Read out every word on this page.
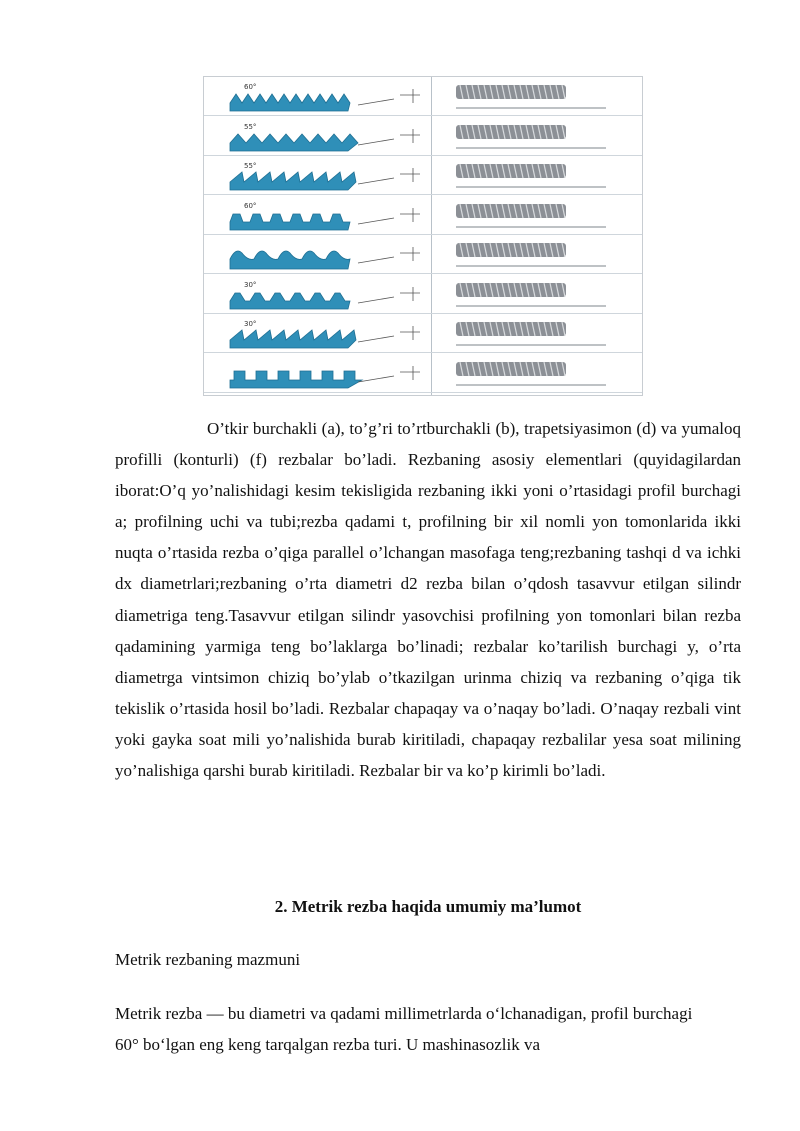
60°
55°
55°
60°
30°
30°

O’tkir burchakli (a), to’g’ri to’rtburchakli (b), trapetsiyasimon (d) va yumaloq profilli (konturli) (f) rezbalar bo’ladi. Rezbaning asosiy elementlari (quyidagilardan iborat:O’q yo’nalishidagi kesim tekisligida rezbaning ikki yoni o’rtasidagi profil burchagi a; profilning uchi va tubi;rezba qadami t, profilning bir xil nomli yon tomonlarida ikki nuqta o’rtasida rezba o’qiga parallel o’lchangan masofaga teng;rezbaning tashqi d va ichki dx diametrlari;rezbaning o’rta diametri d2 rezba bilan o’qdosh tasavvur etilgan silindr diametriga teng.Tasavvur etilgan silindr yasovchisi profilning yon tomonlari bilan rezba qadamining yarmiga teng bo’laklarga bo’linadi; rezbalar ko’tarilish burchagi y, o’rta diametrga vintsimon chiziq bo’ylab o’tkazilgan urinma chiziq va rezbaning o’qiga tik tekislik o’rtasida hosil bo’ladi. Rezbalar chapaqay va o’naqay bo’ladi. O’naqay rezbali vint yoki gayka soat mili yo’nalishida burab kiritiladi, chapaqay rezbalilar yesa soat milining yo’nalishiga qarshi burab kiritiladi. Rezbalar bir va ko’p kirimli bo’ladi.

2. Metrik rezba haqida umumiy ma’lumot

Metrik rezbaning mazmuni

Metrik rezba — bu diametri va qadami millimetrlarda o‘lchanadigan, profil burchagi 60° bo‘lgan eng keng tarqalgan rezba turi. U mashinasozlik va
